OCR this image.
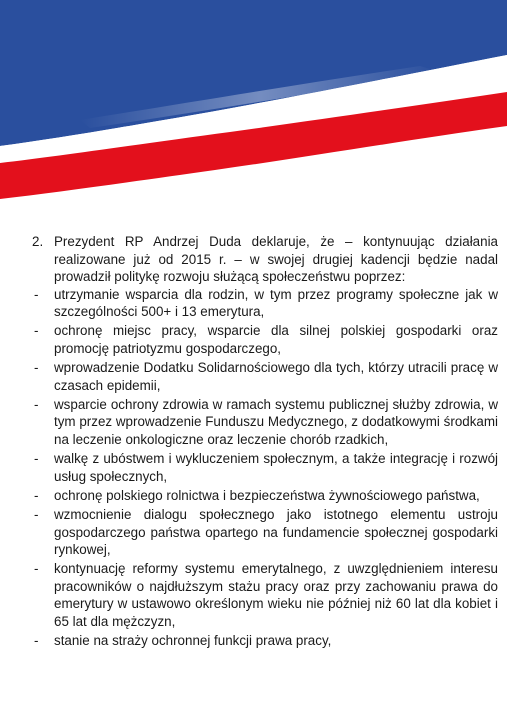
2. Prezydent RP Andrzej Duda deklaruje, że – kontynuując działania realizowane już od 2015 r. – w swojej drugiej kadencji będzie nadal prowadził politykę rozwoju służącą społeczeństwu poprzez:
- utrzymanie wsparcia dla rodzin, w tym przez programy społeczne jak w szczególności 500+ i 13 emerytura,
- ochronę miejsc pracy, wsparcie dla silnej polskiej gospodarki oraz promocję patriotyzmu gospodarczego,
- wprowadzenie Dodatku Solidarnościowego dla tych, którzy utracili pracę w czasach epidemii,
- wsparcie ochrony zdrowia w ramach systemu publicznej służby zdrowia, w tym przez wprowadzenie Funduszu Medycznego, z dodatkowymi środkami na leczenie onkologiczne oraz leczenie chorób rzadkich,
- walkę z ubóstwem i wykluczeniem społecznym, a także integrację i rozwój usług społecznych,
- ochronę polskiego rolnictwa i bezpieczeństwa żywnościowego państwa,
- wzmocnienie dialogu społecznego jako istotnego elementu ustroju gospodarczego państwa opartego na fundamencie społecznej gospodarki rynkowej,
- kontynuację reformy systemu emerytalnego, z uwzględnieniem interesu pracowników o najdłuższym stażu pracy oraz przy zachowaniu prawa do emerytury w ustawowo określonym wieku nie później niż 60 lat dla kobiet i 65 lat dla mężczyzn,
- stanie na straży ochronnej funkcji prawa pracy,
